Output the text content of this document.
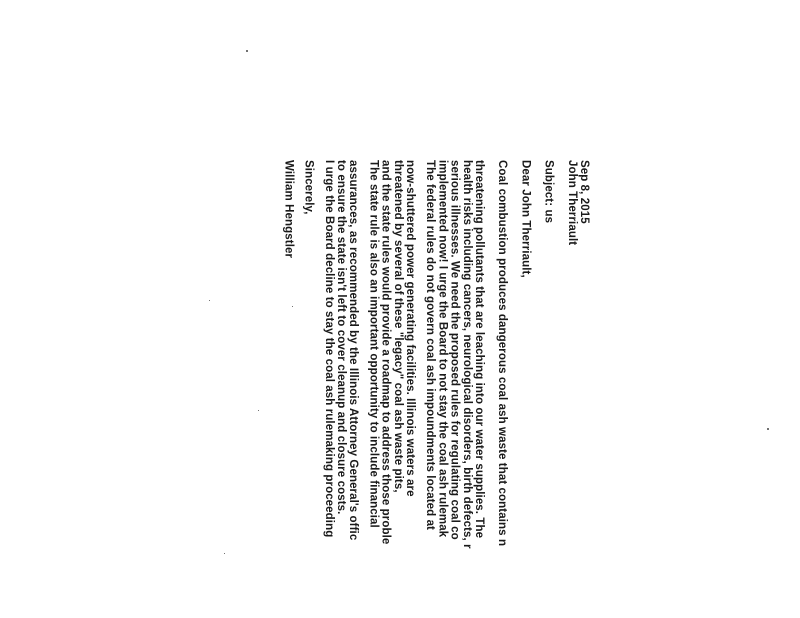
Sep 8, 2015

John Therriault

Subject: us

Dear John Therriault,

Coal combustion produces dangerous coal ash waste that contains n

threatening pollutants that are leaching into our water supplies. The

health risks including cancers, neurological disorders, birth defects, r

serious illnesses. We need the proposed rules for regulating coal co

implemented now! I urge the Board to not stay the coal ash rulemak

The federal rules do not govern coal ash impoundments located at

now-shuttered power generating facilities. Illinois waters are

threatened by several of these "legacy" coal ash waste pits,

and the state rules would provide a roadmap to address those proble

The state rule is also an important opportunity to include financial

assurances, as recommended by the Illinois Attorney General's offic

to ensure the state isn't left to cover cleanup and closure costs.

I urge the Board decline to stay the coal ash rulemaking proceeding

Sincerely,

William Hengstler
